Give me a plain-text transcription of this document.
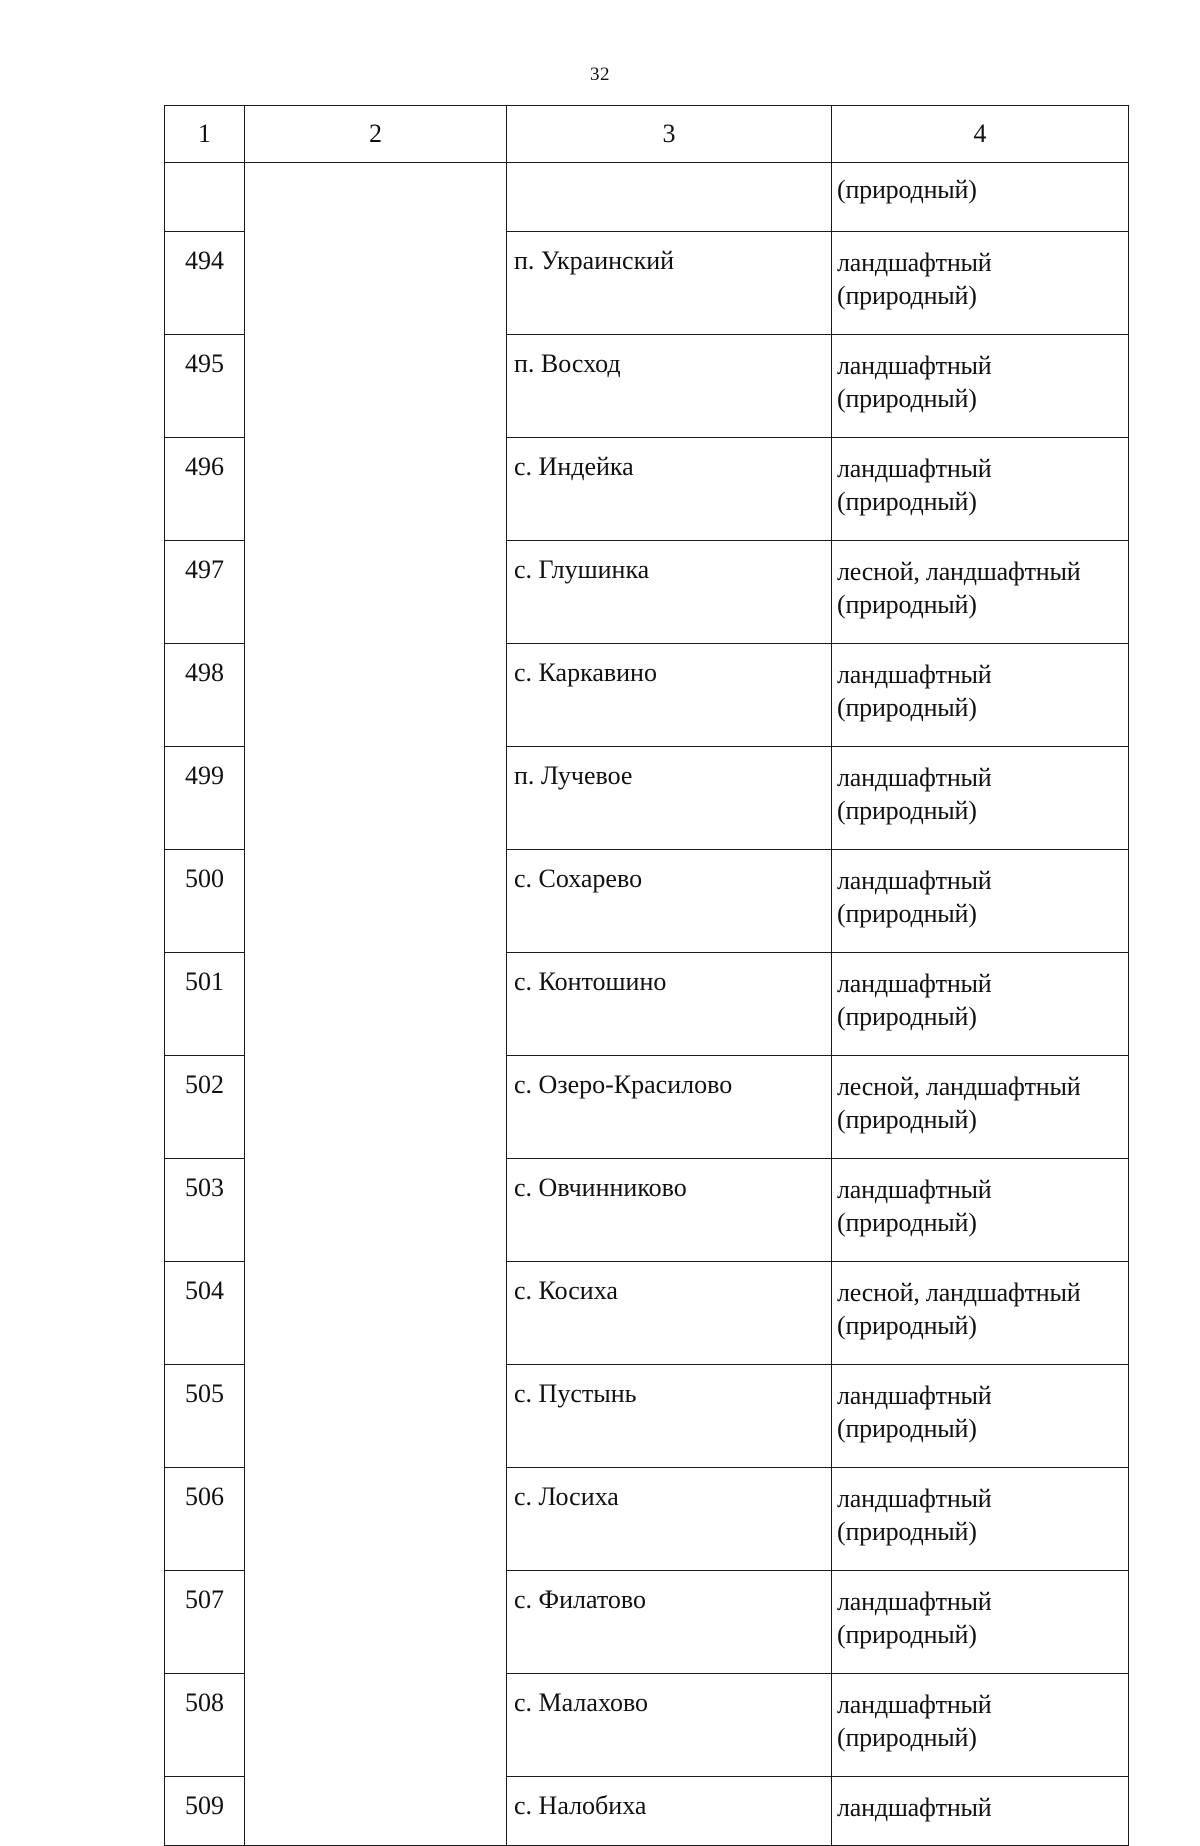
32
1	2	3	4
			(природный)
494		п. Украинский	ландшафтный (природный)
495		п. Восход	ландшафтный (природный)
496		с. Индейка	ландшафтный (природный)
497		с. Глушинка	лесной, ландшафтный (природный)
498		с. Каркавино	ландшафтный (природный)
499		п. Лучевое	ландшафтный (природный)
500		с. Сохарево	ландшафтный (природный)
501		с. Контошино	ландшафтный (природный)
502		с. Озеро-Красилово	лесной, ландшафтный (природный)
503		с. Овчинниково	ландшафтный (природный)
504		с. Косиха	лесной, ландшафтный (природный)
505		с. Пустынь	ландшафтный (природный)
506		с. Лосиха	ландшафтный (природный)
507		с. Филатово	ландшафтный (природный)
508		с. Малахово	ландшафтный (природный)
509		с. Налобиха	ландшафтный
